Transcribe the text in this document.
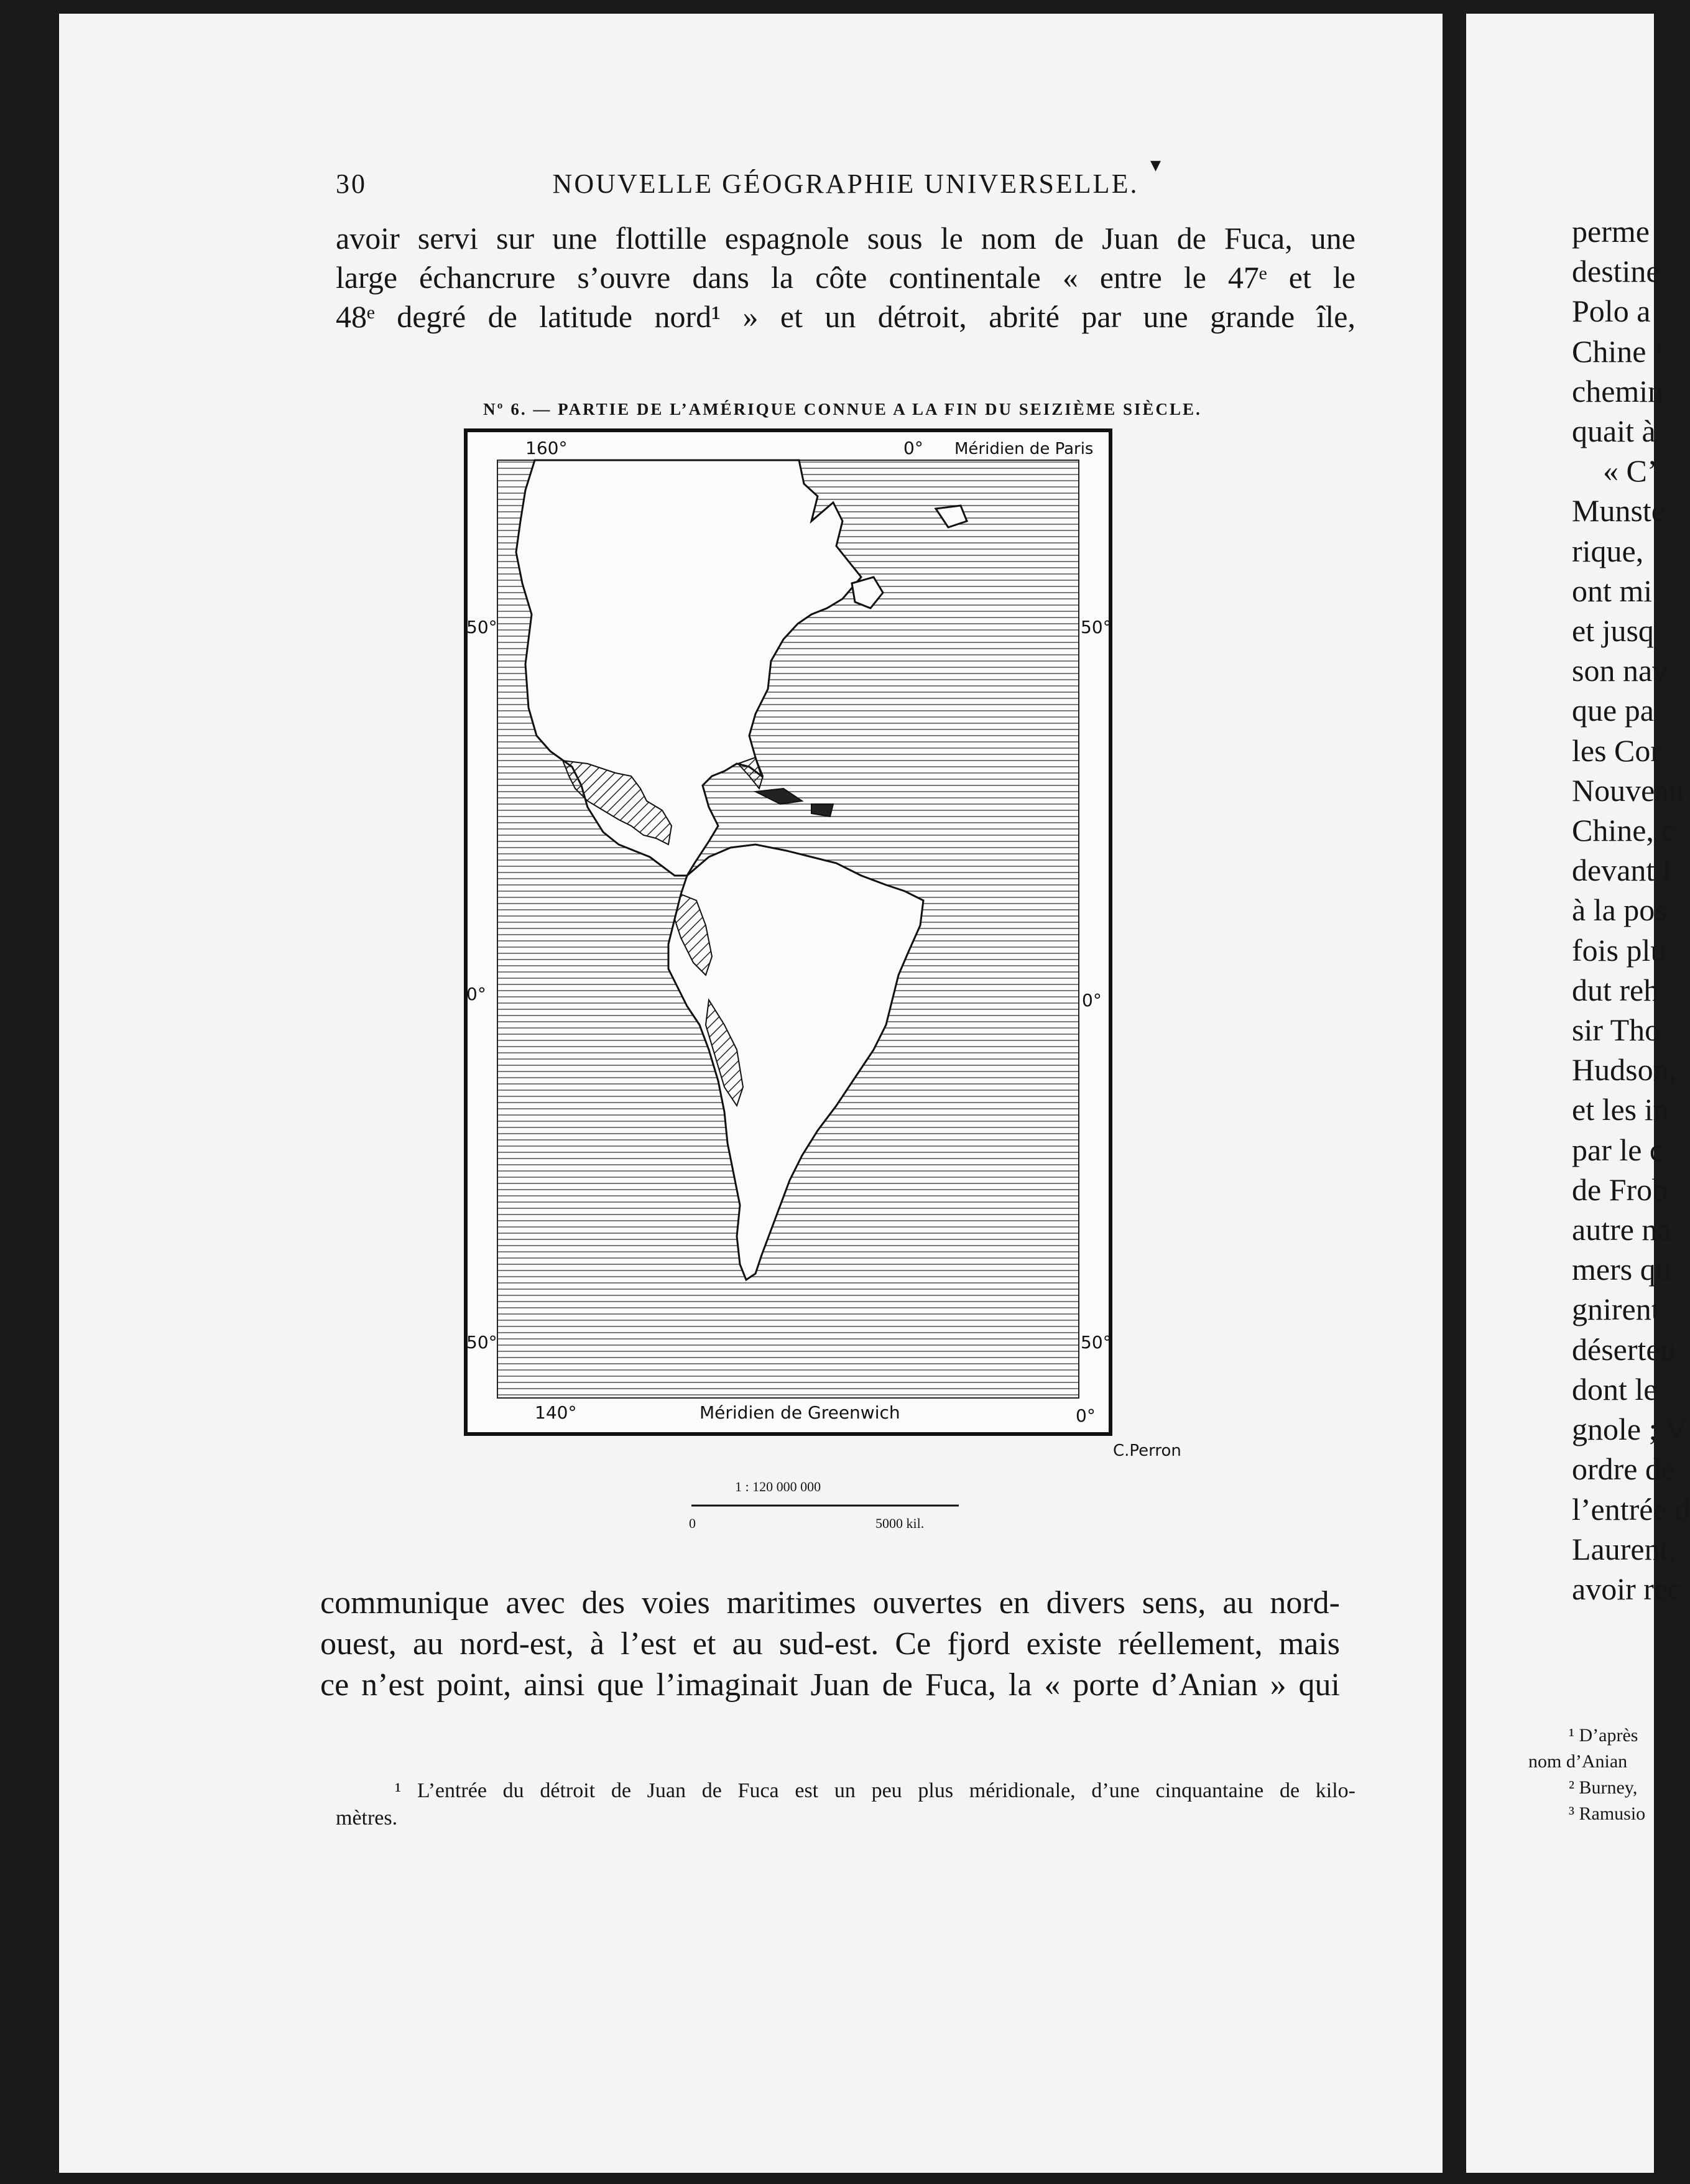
perme
destine
Polo a
Chine ¹
chemin
quait à
« C’
Munste
rique,
ont mi
et jusq
son nav
que pa
les Cor
Nouveau
Chine, c
devant l
à la pos
fois plu
dut reh
sir Tho
Hudson,
et les in
par le c
de Frob
autre na
mers qu
gnirent
déserteu
dont le
gnole ; V
ordre de
l’entrée d
Laurent,
avoir rec
¹ D’après
nom d’Anian
² Burney,
³ Ramusio
▾
30	NOUVELLE GÉOGRAPHIE UNIVERSELLE.
avoir servi sur une flottille espagnole sous le nom de Juan de Fuca, une
large échancrure s’ouvre dans la côte continentale « entre le 47ᵉ et le
48ᵉ degré de latitude nord¹ » et un détroit, abrité par une grande île,
Nº 6. — PARTIE DE L’AMÉRIQUE CONNUE A LA FIN DU SEIZIÈME SIÈCLE.
160°	0° Méridien de Paris
50°	50°
0°	0°
50°	50°
140°	Méridien de Greenwich	0°
C.Perron
1 : 120 000 000
0	5000 kil.
communique avec des voies maritimes ouvertes en divers sens, au nord-
ouest, au nord-est, à l’est et au sud-est. Ce fjord existe réellement, mais
ce n’est point, ainsi que l’imaginait Juan de Fuca, la « porte d’Anian » qui
¹ L’entrée du détroit de Juan de Fuca est un peu plus méridionale, d’une cinquantaine de kilo-
mètres.
